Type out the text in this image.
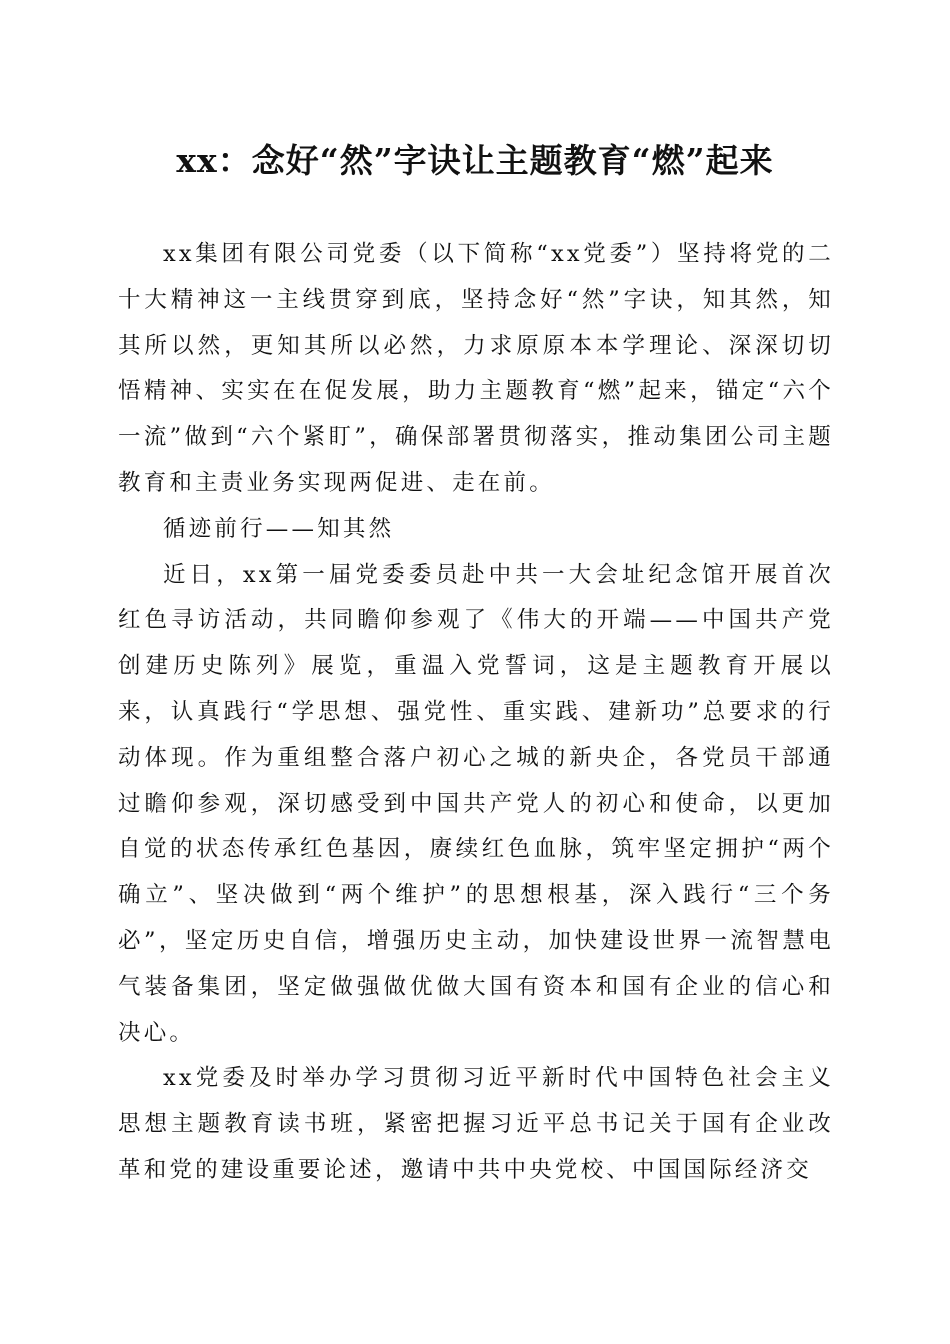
xx：念好“然”字诀让主题教育“燃”起来

xx集团有限公司党委（以下简称“xx党委”）坚持将党的二十大精神这一主线贯穿到底，坚持念好“然”字诀，知其然，知其所以然，更知其所以必然，力求原原本本学理论、深深切切悟精神、实实在在促发展，助力主题教育“燃”起来，锚定“六个一流”做到“六个紧盯”，确保部署贯彻落实，推动集团公司主题教育和主责业务实现两促进、走在前。

循迹前行——知其然

近日，xx第一届党委委员赴中共一大会址纪念馆开展首次红色寻访活动，共同瞻仰参观了《伟大的开端——中国共产党创建历史陈列》展览，重温入党誓词，这是主题教育开展以来，认真践行“学思想、强党性、重实践、建新功”总要求的行动体现。作为重组整合落户初心之城的新央企，各党员干部通过瞻仰参观，深切感受到中国共产党人的初心和使命，以更加自觉的状态传承红色基因，赓续红色血脉，筑牢坚定拥护“两个确立”、坚决做到“两个维护”的思想根基，深入践行“三个务必”，坚定历史自信，增强历史主动，加快建设世界一流智慧电气装备集团，坚定做强做优做大国有资本和国有企业的信心和决心。

xx党委及时举办学习贯彻习近平新时代中国特色社会主义思想主题教育读书班，紧密把握习近平总书记关于国有企业改革和党的建设重要论述，邀请中共中央党校、中国国际经济交
